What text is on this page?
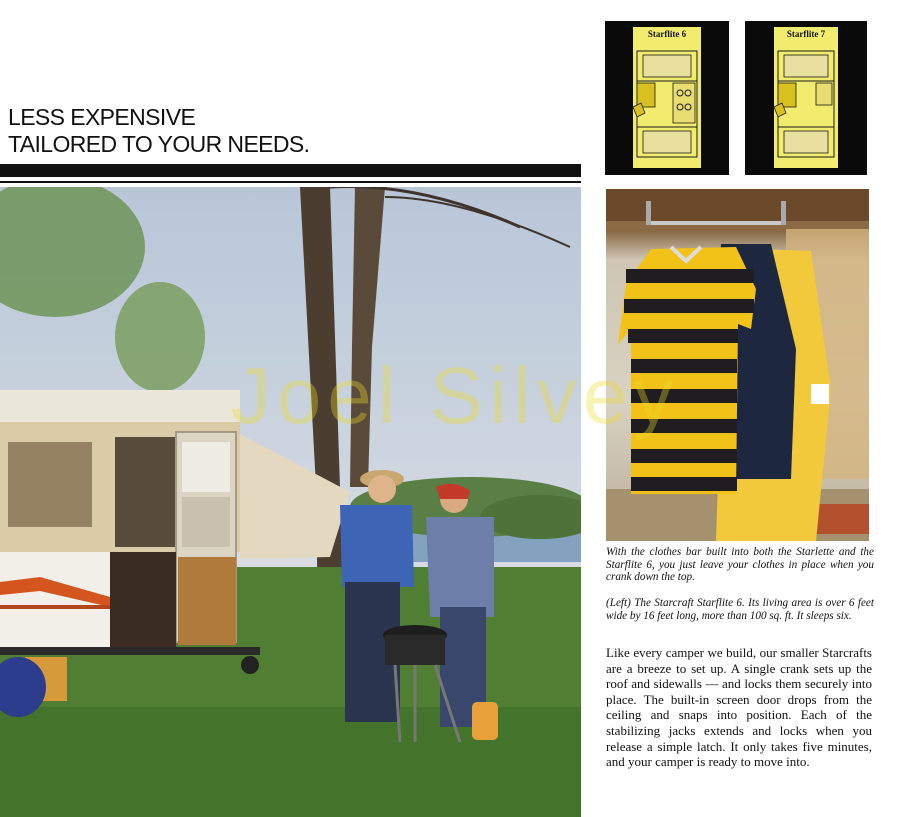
LESS EXPENSIVE
TAILORED TO YOUR NEEDS.
Starflite 6	Starflite 7

With the clothes bar built into both the Starlette and the Starflite 6, you just leave your clothes in place when you crank down the top.

(Left) The Starcraft Starflite 6. Its living area is over 6 feet wide by 16 feet long, more than 100 sq. ft. It sleeps six.

Like every camper we build, our smaller Starcrafts are a breeze to set up. A single crank sets up the roof and sidewalls — and locks them securely into place. The built-in screen door drops from the ceiling and snaps into position. Each of the stabilizing jacks extends and locks when you release a simple latch. It only takes five minutes, and your camper is ready to move into.

Joel Silvey
